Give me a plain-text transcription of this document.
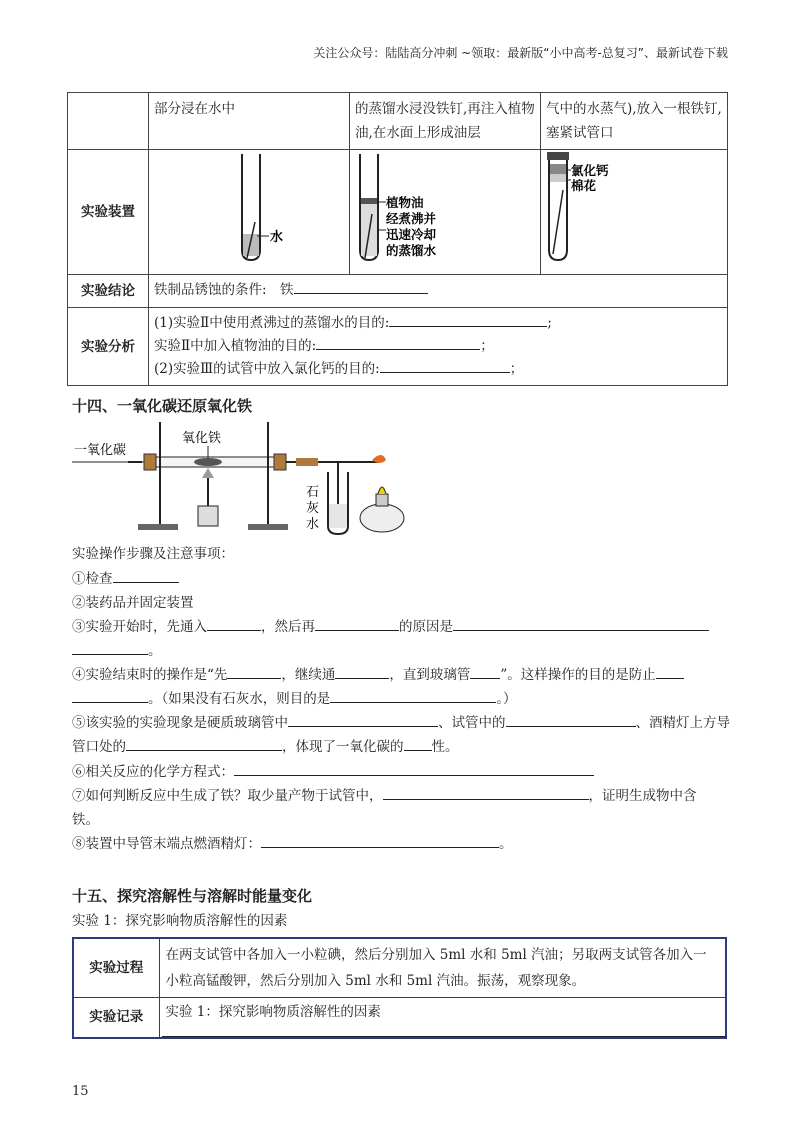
关注公众号：陆陆高分冲刺 ~领取：最新版“小中高考-总复习”、最新试卷下载
	部分浸在水中	的蒸馏水浸没铁钉,再注入植物油,在水面上形成油层	气中的水蒸气),放入一根铁钉,塞紧试管口
实验装置	水	植物油
经煮沸并
迅速冷却
的蒸馏水	氯化钙
棉花

实验结论	铁制品锈蚀的条件:　铁		
实验分析	(1)实验Ⅱ中使用煮沸过的蒸馏水的目的: ;
实验Ⅱ中加入植物油的目的: ；
(2)实验Ⅲ的试管中放入氯化钙的目的: ；		
十四、一氧化碳还原氧化铁
一氧化碳
氧化铁
石
灰
水
实验操作步骤及注意事项：
①检查
②装药品并固定装置
③实验开始时，先通入	，然后再	的原因是
。
④实验结束时的操作是“先	，继续通	，直到玻璃管 ”。这样操作的目的是防止
。（如果没有石灰水，则目的是	。）
⑤该实验的实验现象是硬质玻璃管中	、试管中的	、酒精灯上方导
管口处的	，体现了一氧化碳的 性。
⑥相关反应的化学方程式：
⑦如何判断反应中生成了铁？取少量产物于试管中，	，证明生成物中含
铁。
⑧装置中导管末端点燃酒精灯：	。
十五、探究溶解性与溶解时能量变化
实验 1：探究影响物质溶解性的因素
实验过程	在两支试管中各加入一小粒碘，然后分别加入 5ml 水和 5ml 汽油；另取两支试管各加入一小粒高锰酸钾，然后分别加入 5ml 水和 5ml 汽油。振荡，观察现象。
实验记录	实验 1：探究影响物质溶解性的因素
15
